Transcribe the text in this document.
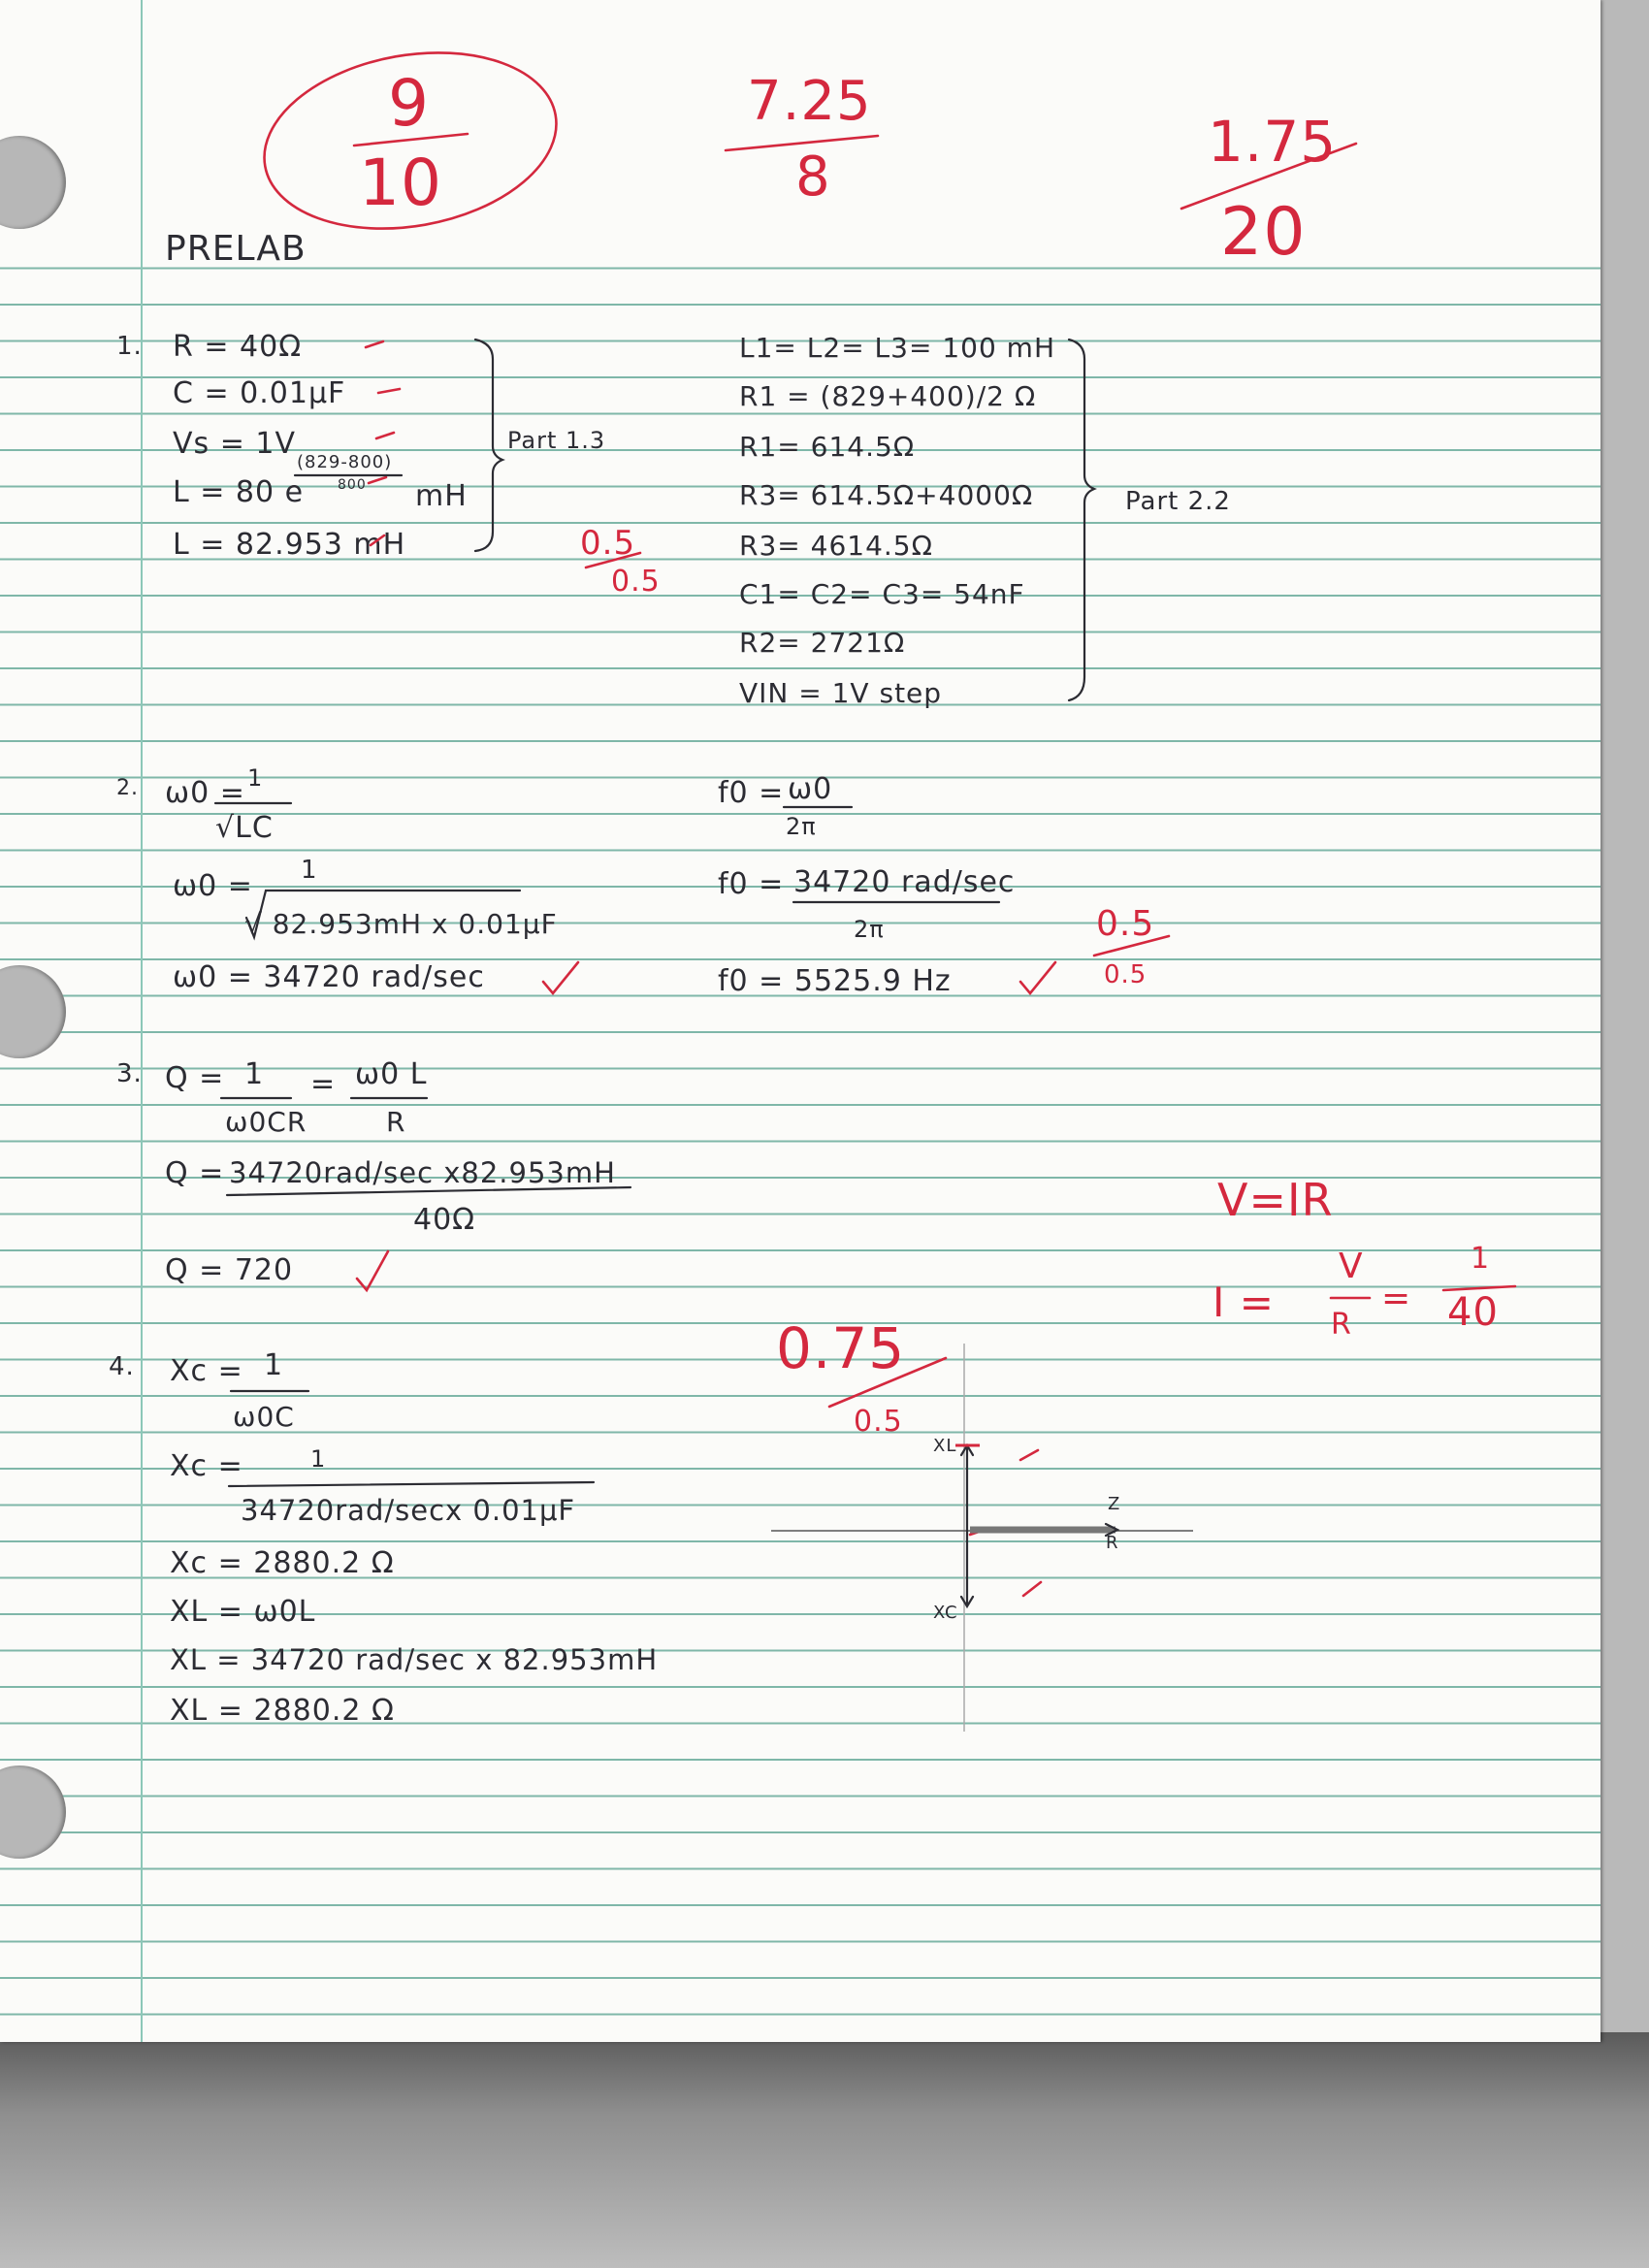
9
10
7.25
8
1.75
20
PRELAB
1. R = 40Ω
C = 0.01μF
Vs = 1V
L = 80 e
(829-800)
800 mH
L = 82.953 mH
Part 1.3
L1= L2= L3= 100 mH
R1 = (829+400)/2 Ω
R1= 614.5Ω
R3= 614.5Ω+4000Ω
R3= 4614.5Ω
C1= C2= C3= 54nF
R2= 2721Ω
VIN = 1V step
Part 2.2
0.5
0.5
2. ω0 = 1
√LC
ω0 = 1
√ 82.953mH x 0.01μF
ω0 = 34720 rad/sec
f0 = ω0
2π
f0 = 34720 rad/sec
2π
f0 = 5525.9 Hz
0.5
0.5
3. Q = 1
ω0CR
= ω0 L
R
Q = 34720rad/sec x82.953mH
40Ω
Q = 720
4. Xc = 1
ω0C
Xc =	1
34720rad/secx 0.01μF
Xc = 2880.2 Ω
XL = ω0L
XL = 34720 rad/sec x 82.953mH
XL = 2880.2 Ω
0.75
0.5
XL
XC
Z
R
V=IR
I =
V
R
=
1
40
